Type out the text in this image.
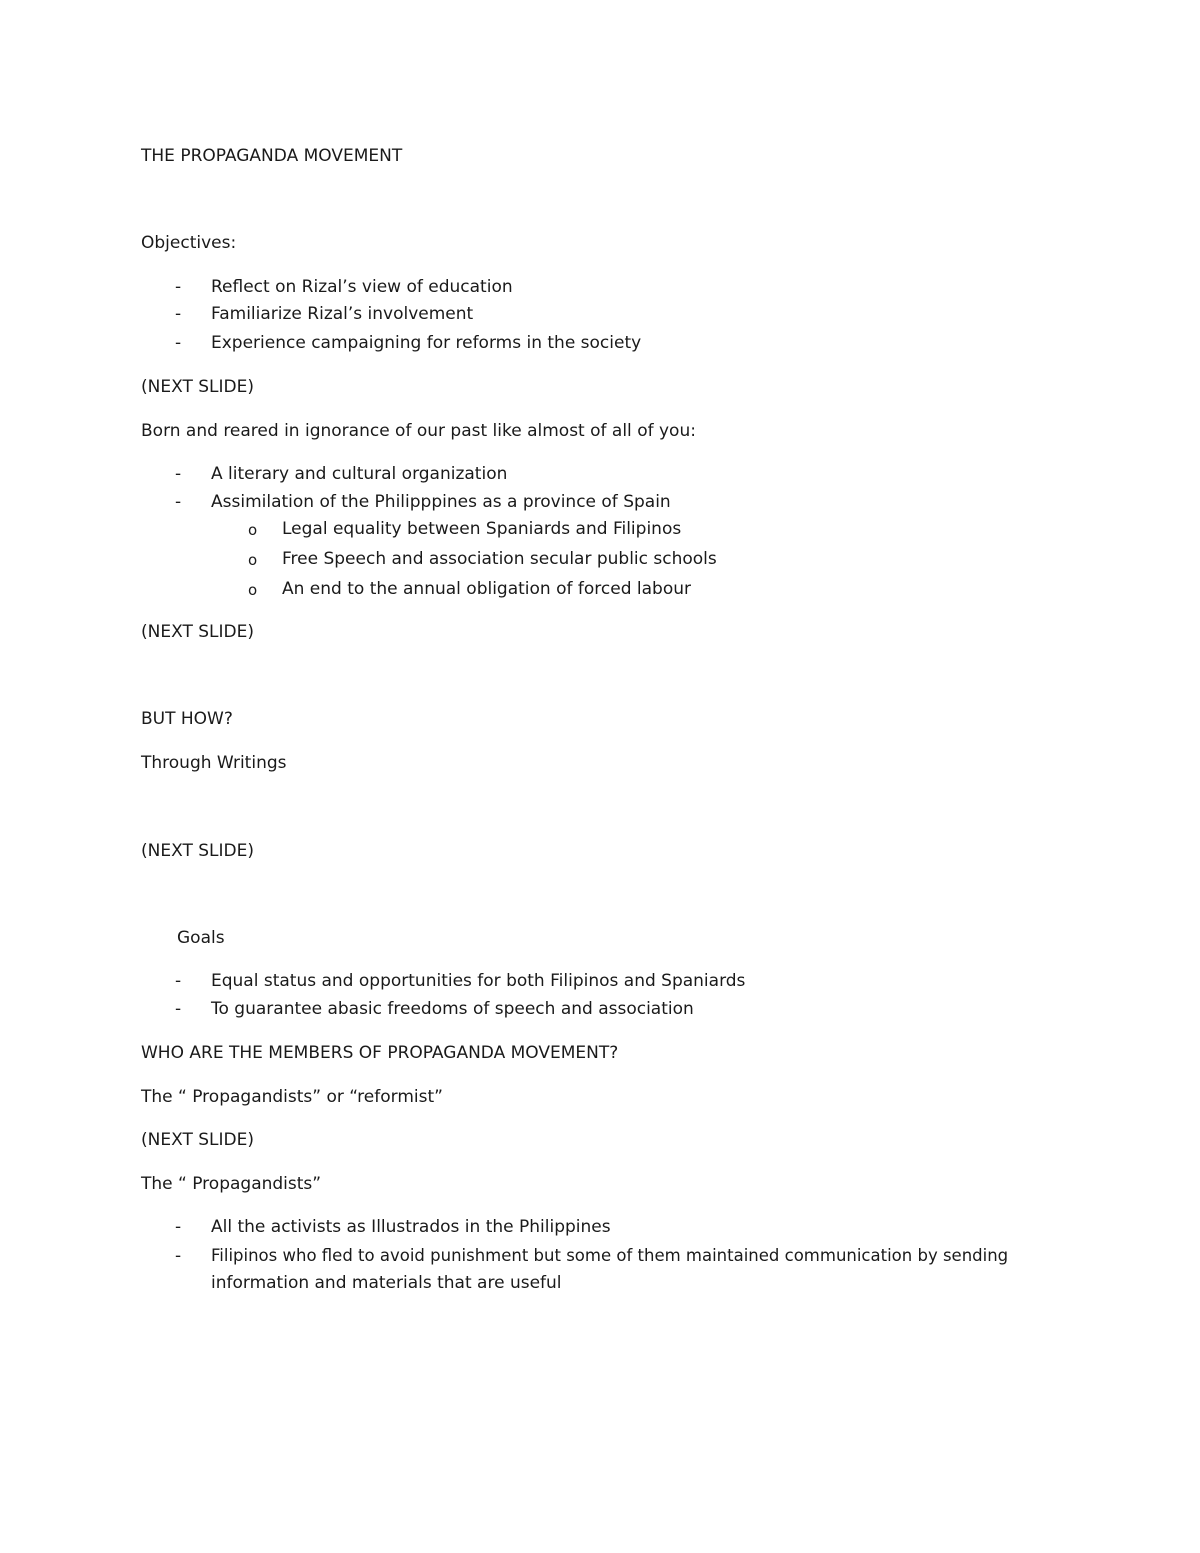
THE PROPAGANDA MOVEMENT
Objectives:
- Reflect on Rizal’s view of education
- Familiarize Rizal’s involvement
- Experience campaigning for reforms in the society
(NEXT SLIDE)
Born and reared in ignorance of our past like almost of all of you:
- A literary and cultural organization
- Assimilation of the Philipppines as a province of Spain
o Legal equality between Spaniards and Filipinos
o Free Speech and association secular public schools
o An end to the annual obligation of forced labour
(NEXT SLIDE)
BUT HOW?
Through Writings
(NEXT SLIDE)
Goals
- Equal status and opportunities for both Filipinos and Spaniards
- To guarantee abasic freedoms of speech and association
WHO ARE THE MEMBERS OF PROPAGANDA MOVEMENT?
The “ Propagandists” or “reformist”
(NEXT SLIDE)
The “ Propagandists”
- All the activists as Illustrados in the Philippines
- Filipinos who fled to avoid punishment but some of them maintained communication by sending
information and materials that are useful
